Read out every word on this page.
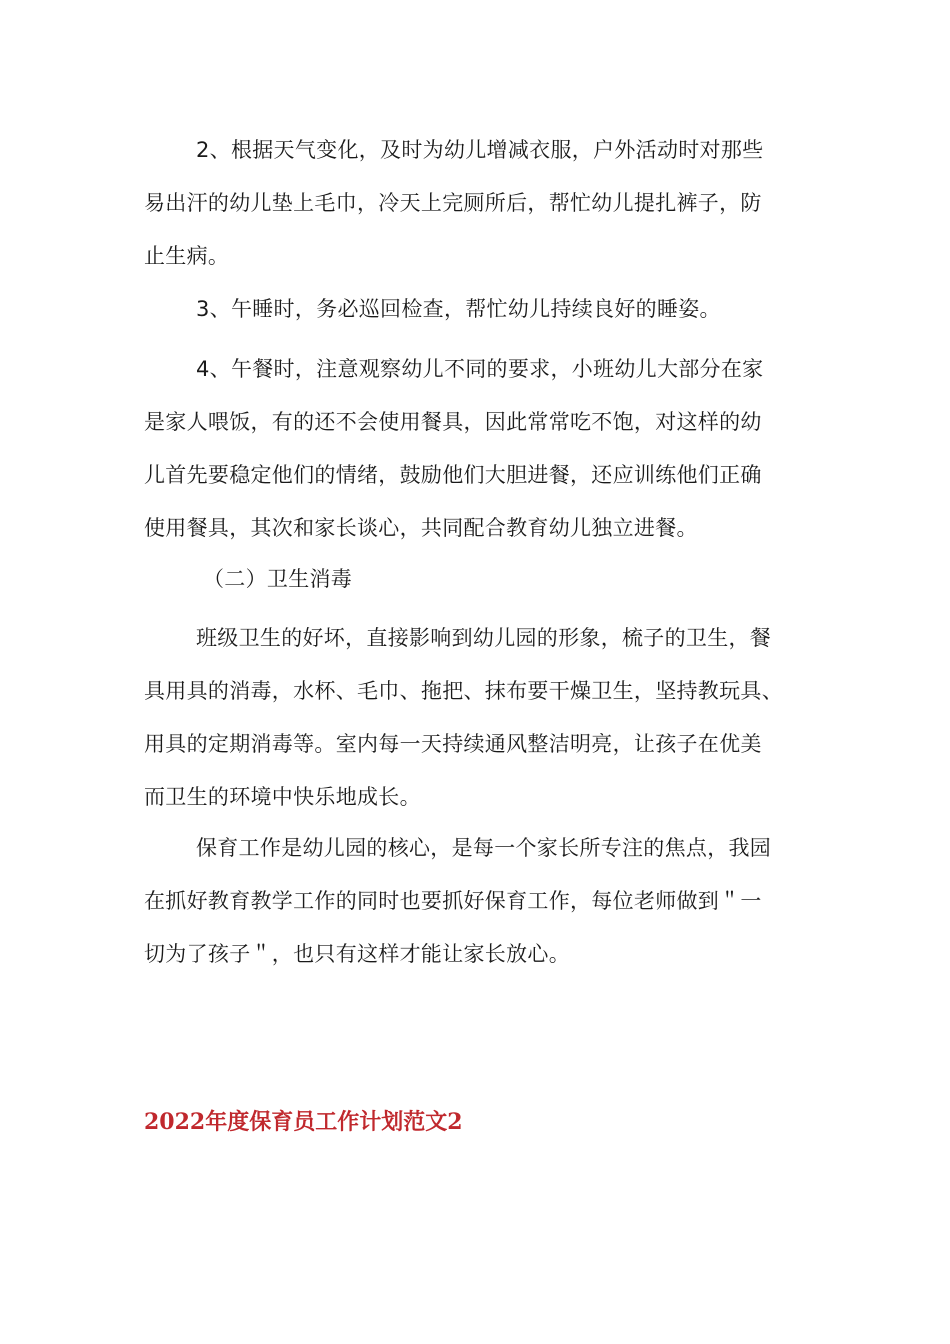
2、根据天气变化，及时为幼儿增减衣服，户外活动时对那些
易出汗的幼儿垫上毛巾，冷天上完厕所后，帮忙幼儿提扎裤子，防
止生病。

3、午睡时，务必巡回检查，帮忙幼儿持续良好的睡姿。

4、午餐时，注意观察幼儿不同的要求，小班幼儿大部分在家
是家人喂饭，有的还不会使用餐具，因此常常吃不饱，对这样的幼
儿首先要稳定他们的情绪，鼓励他们大胆进餐，还应训练他们正确
使用餐具，其次和家长谈心，共同配合教育幼儿独立进餐。

（二）卫生消毒

班级卫生的好坏，直接影响到幼儿园的形象，梳子的卫生，餐
具用具的消毒，水杯、毛巾、拖把、抹布要干燥卫生，坚持教玩具、
用具的定期消毒等。室内每一天持续通风整洁明亮，让孩子在优美
而卫生的环境中快乐地成长。

保育工作是幼儿园的核心，是每一个家长所专注的焦点，我园
在抓好教育教学工作的同时也要抓好保育工作，每位老师做到＂一
切为了孩子＂，也只有这样才能让家长放心。

2022年度保育员工作计划范文2
